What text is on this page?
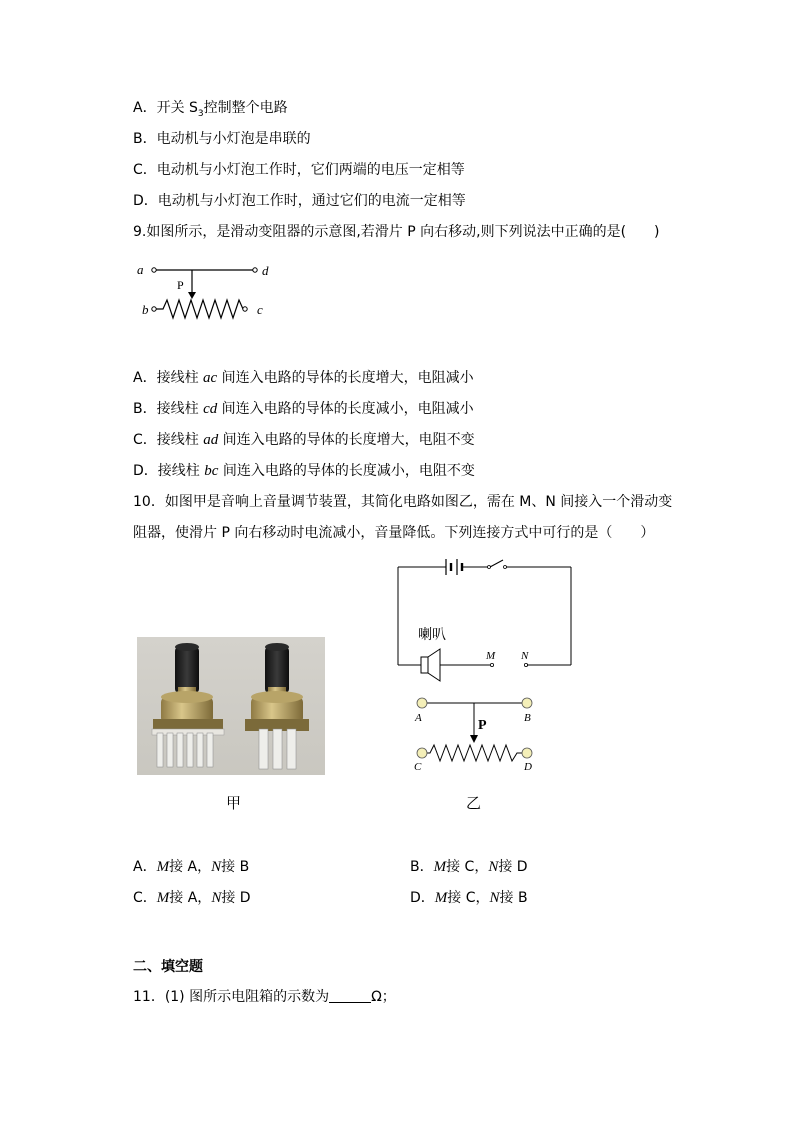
A．开关 $S_3$控制整个电路
B．电动机与小灯泡是串联的
C．电动机与小灯泡工作时，它们两端的电压一定相等
D．电动机与小灯泡工作时，通过它们的电流一定相等
9.如图所示，是滑动变阻器的示意图,若滑片 P 向右移动,则下列说法中正确的是(　　)
a	d
P
b	c
A．接线柱 ac 间连入电路的导体的长度增大，电阻减小
B．接线柱 cd 间连入电路的导体的长度减小，电阻减小
C．接线柱 ad 间连入电路的导体的长度增大，电阻不变
D．接线柱 bc 间连入电路的导体的长度减小，电阻不变
10．如图甲是音响上音量调节装置，其简化电路如图乙，需在 M、N 间接入一个滑动变
阻器，使滑片 P 向右移动时电流减小，音量降低。下列连接方式中可行的是（　　）
甲
喇叭
M N
A	B
P
C	D
乙
A．M接 A，N接 B	B．M接 C，N接 D
C．M接 A，N接 D	D．M接 C，N接 B
二、填空题
11．(1) 图所示电阻箱的示数为	Ω；
